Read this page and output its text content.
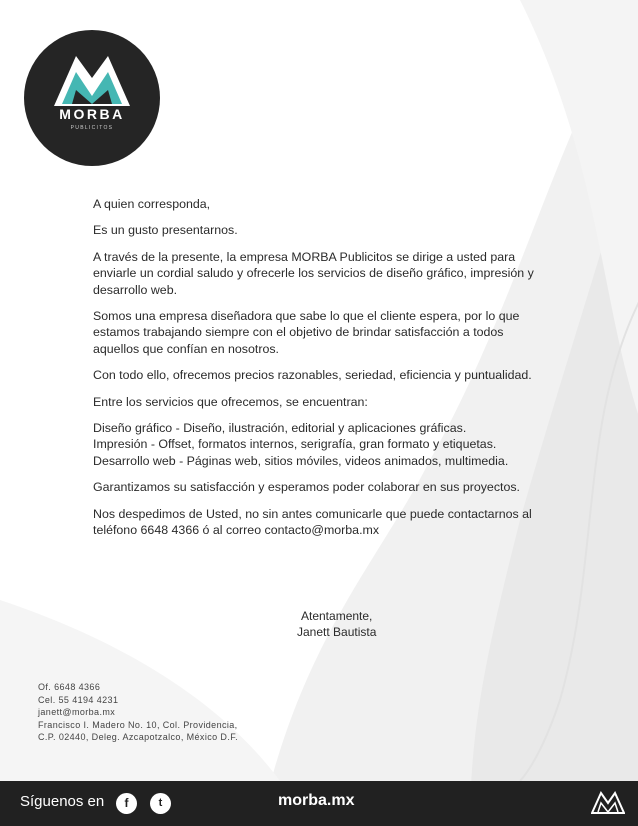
MORBA
PUBLICITOS

A quien corresponda,

Es un gusto presentarnos.

A través de la presente, la empresa MORBA Publicitos se dirige a usted para
enviarle un cordial saludo y ofrecerle los servicios de diseño gráfico, impresión y
desarrollo web.

Somos una empresa diseñadora que sabe lo que el cliente espera, por lo que
estamos trabajando siempre con el objetivo de brindar satisfacción a todos
aquellos que confían en nosotros.

Con todo ello, ofrecemos precios razonables, seriedad, eficiencia y puntualidad.

Entre los servicios que ofrecemos, se encuentran:

Diseño gráfico - Diseño, ilustración, editorial y aplicaciones gráficas.
Impresión - Offset, formatos internos, serigrafía, gran formato y etiquetas.
Desarrollo web - Páginas web, sitios móviles, videos animados, multimedia.

Garantizamos su satisfacción y esperamos poder colaborar en sus proyectos.

Nos despedimos de Usted, no sin antes comunicarle que puede contactarnos al
teléfono 6648 4366 ó al correo contacto@morba.mx

Atentamente,
Janett Bautista
Of. 6648 4366
Cel. 55 4194 4231
janett@morba.mx
Francisco I. Madero No. 10, Col. Providencia,
C.P. 02440, Deleg. Azcapotzalco, México D.F.
Síguenos en	f	t	morba.mx
